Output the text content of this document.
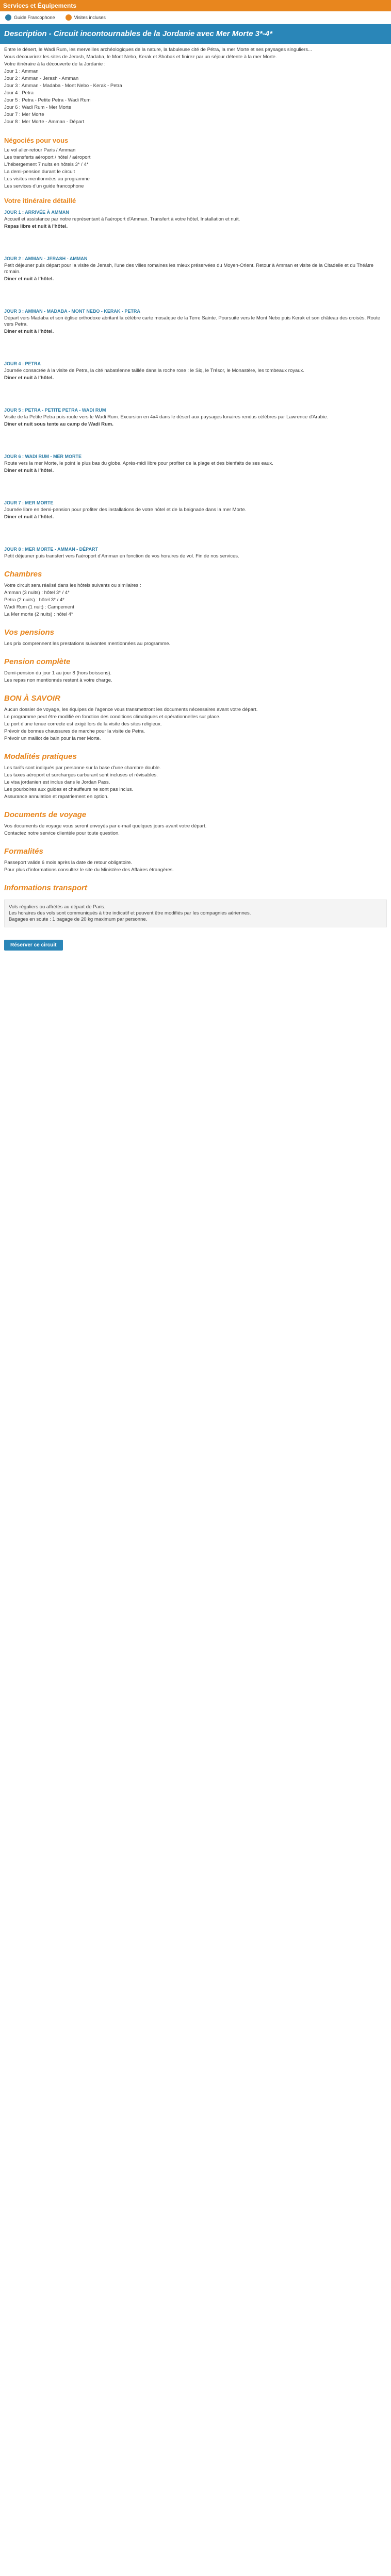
Services et Équipements
Guide Francophone	Visites incluses
Description - Circuit incontournables de la Jordanie avec Mer Morte 3*-4*

Entre le désert, le Wadi Rum, les merveilles archéologiques de la nature, la fabuleuse cité de Pétra, la mer Morte et ses paysages singuliers...

Vous découvrirez les sites de Jerash, Madaba, le Mont Nebo, Kerak et Shobak et finirez par un séjour détente à la mer Morte.

Votre itinéraire à la découverte de la Jordanie :

Jour 1 : Amman

Jour 2 : Amman - Jerash - Amman

Jour 3 : Amman - Madaba - Mont Nebo - Kerak - Petra

Jour 4 : Petra

Jour 5 : Petra - Petite Petra - Wadi Rum

Jour 6 : Wadi Rum - Mer Morte

Jour 7 : Mer Morte

Jour 8 : Mer Morte - Amman - Départ

Négociés pour vous

Le vol aller-retour Paris / Amman

Les transferts aéroport / hôtel / aéroport

L'hébergement 7 nuits en hôtels 3* / 4*

La demi-pension durant le circuit

Les visites mentionnées au programme

Les services d'un guide francophone

Votre itinéraire détaillé
JOUR 1 : ARRIVÉE À AMMAN
Accueil et assistance par notre représentant à l'aéroport d'Amman. Transfert à votre hôtel. Installation et nuit.
Repas libre et nuit à l'hôtel.
JOUR 2 : AMMAN - JERASH - AMMAN
Petit déjeuner puis départ pour la visite de Jerash, l'une des villes romaines les mieux préservées du Moyen-Orient. Retour à Amman et visite de la Citadelle et du Théâtre romain.
Dîner et nuit à l'hôtel.
JOUR 3 : AMMAN - MADABA - MONT NEBO - KERAK - PETRA
Départ vers Madaba et son église orthodoxe abritant la célèbre carte mosaïque de la Terre Sainte. Poursuite vers le Mont Nebo puis Kerak et son château des croisés. Route vers Petra.
Dîner et nuit à l'hôtel.
JOUR 4 : PETRA
Journée consacrée à la visite de Petra, la cité nabatéenne taillée dans la roche rose : le Siq, le Trésor, le Monastère, les tombeaux royaux.
Dîner et nuit à l'hôtel.
JOUR 5 : PETRA - PETITE PETRA - WADI RUM
Visite de la Petite Petra puis route vers le Wadi Rum. Excursion en 4x4 dans le désert aux paysages lunaires rendus célèbres par Lawrence d'Arabie.
Dîner et nuit sous tente au camp de Wadi Rum.
JOUR 6 : WADI RUM - MER MORTE
Route vers la mer Morte, le point le plus bas du globe. Après-midi libre pour profiter de la plage et des bienfaits de ses eaux.
Dîner et nuit à l'hôtel.
JOUR 7 : MER MORTE
Journée libre en demi-pension pour profiter des installations de votre hôtel et de la baignade dans la mer Morte.
Dîner et nuit à l'hôtel.
JOUR 8 : MER MORTE - AMMAN - DÉPART
Petit déjeuner puis transfert vers l'aéroport d'Amman en fonction de vos horaires de vol. Fin de nos services.
Chambres

Votre circuit sera réalisé dans les hôtels suivants ou similaires :

Amman (3 nuits) : hôtel 3* / 4*

Petra (2 nuits) : hôtel 3* / 4*

Wadi Rum (1 nuit) : Campement

La Mer morte (2 nuits) : hôtel 4*

Vos pensions

Les prix comprennent les prestations suivantes mentionnées au programme.

Pension complète

Demi-pension du jour 1 au jour 8 (hors boissons).

Les repas non mentionnés restent à votre charge.

BON À SAVOIR

Aucun dossier de voyage, les équipes de l'agence vous transmettront les documents nécessaires avant votre départ.

Le programme peut être modifié en fonction des conditions climatiques et opérationnelles sur place.

Le port d'une tenue correcte est exigé lors de la visite des sites religieux.

Prévoir de bonnes chaussures de marche pour la visite de Petra.

Prévoir un maillot de bain pour la mer Morte.

Modalités pratiques

Les tarifs sont indiqués par personne sur la base d'une chambre double.

Les taxes aéroport et surcharges carburant sont incluses et révisables.

Le visa jordanien est inclus dans le Jordan Pass.

Les pourboires aux guides et chauffeurs ne sont pas inclus.

Assurance annulation et rapatriement en option.

Documents de voyage

Vos documents de voyage vous seront envoyés par e-mail quelques jours avant votre départ.

Contactez notre service clientèle pour toute question.

Formalités

Passeport valide 6 mois après la date de retour obligatoire.

Pour plus d'informations consultez le site du Ministère des Affaires étrangères.

Informations transport

Vols réguliers ou affrétés au départ de Paris.

Les horaires des vols sont communiqués à titre indicatif et peuvent être modifiés par les compagnies aériennes.

Bagages en soute : 1 bagage de 20 kg maximum par personne.

Réserver ce circuit
